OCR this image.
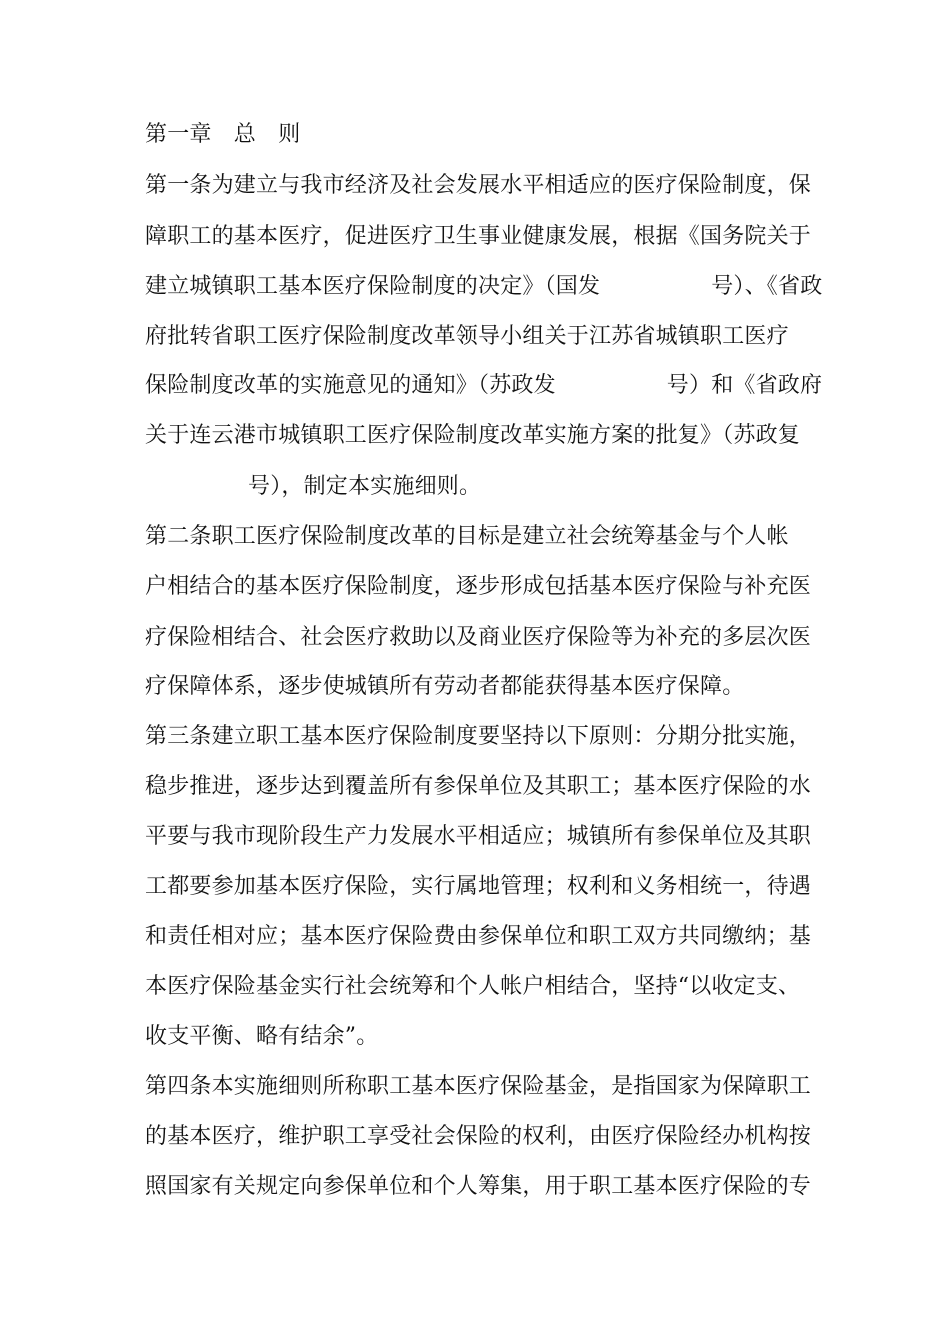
第一章　总　则
第一条为建立与我市经济及社会发展水平相适应的医疗保险制度，保
障职工的基本医疗，促进医疗卫生事业健康发展，根据《国务院关于
建立城镇职工基本医疗保险制度的决定》（国发　　　　　号）、《省政
府批转省职工医疗保险制度改革领导小组关于江苏省城镇职工医疗
保险制度改革的实施意见的通知》（苏政发　　　　　号）和《省政府
关于连云港市城镇职工医疗保险制度改革实施方案的批复》（苏政复
号），制定本实施细则。
第二条职工医疗保险制度改革的目标是建立社会统筹基金与个人帐
户相结合的基本医疗保险制度，逐步形成包括基本医疗保险与补充医
疗保险相结合、社会医疗救助以及商业医疗保险等为补充的多层次医
疗保障体系，逐步使城镇所有劳动者都能获得基本医疗保障。
第三条建立职工基本医疗保险制度要坚持以下原则：分期分批实施，
稳步推进，逐步达到覆盖所有参保单位及其职工；基本医疗保险的水
平要与我市现阶段生产力发展水平相适应；城镇所有参保单位及其职
工都要参加基本医疗保险，实行属地管理；权利和义务相统一，待遇
和责任相对应；基本医疗保险费由参保单位和职工双方共同缴纳；基
本医疗保险基金实行社会统筹和个人帐户相结合，坚持“以收定支、
收支平衡、略有结余”。
第四条本实施细则所称职工基本医疗保险基金，是指国家为保障职工
的基本医疗，维护职工享受社会保险的权利，由医疗保险经办机构按
照国家有关规定向参保单位和个人筹集，用于职工基本医疗保险的专
